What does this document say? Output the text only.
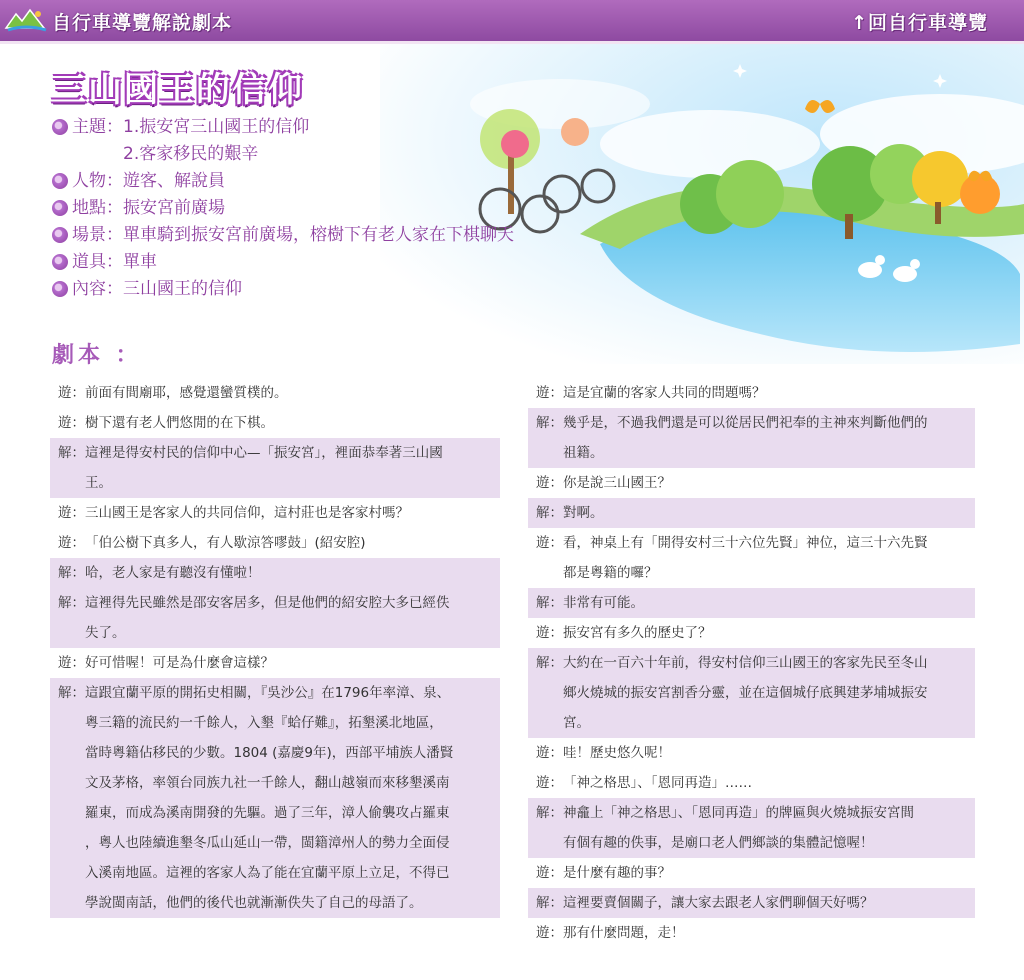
自行車導覽解說劇本	↑回自行車導覽
三山國王的信仰
主題： 1.振安宮三山國王的信仰
2.客家移民的艱辛
人物： 遊客、解說員
地點： 振安宮前廣場
場景： 單車騎到振安宮前廣場，榕樹下有老人家在下棋聊天
道具： 單車
內容： 三山國王的信仰
劇本 ：
遊： 前面有間廟耶，感覺還蠻質樸的。
遊： 樹下還有老人們悠閒的在下棋。
解： 這裡是得安村民的信仰中心—「振安宮」，裡面恭奉著三山國
王。
遊： 三山國王是客家人的共同信仰，這村莊也是客家村嗎？
遊： 「伯公樹下真多人，有人歇涼答嘐鼓」(紹安腔)
解： 哈，老人家是有聽沒有懂啦！
解： 這裡得先民雖然是邵安客居多，但是他們的紹安腔大多已經佚
失了。
遊： 好可惜喔！可是為什麼會這樣？
解： 這跟宜蘭平原的開拓史相關，『吳沙公』在1796年率漳、泉、
粵三籍的流民約一千餘人，入墾『蛤仔難』，拓墾溪北地區，
當時粵籍佔移民的少數。1804 (嘉慶9年)，西部平埔族人潘賢
文及茅格，率領台同族九社一千餘人，翻山越嶺而來移墾溪南
羅東，而成為溪南開發的先驅。過了三年，漳人偷襲攻占羅東
，粵人也陸續進墾冬瓜山延山一帶，閩籍漳州人的勢力全面侵
入溪南地區。這裡的客家人為了能在宜蘭平原上立足，不得已
學說閩南話，他們的後代也就漸漸佚失了自己的母語了。
遊： 這是宜蘭的客家人共同的問題嗎？
解： 幾乎是，不過我們還是可以從居民們祀奉的主神來判斷他們的
祖籍。
遊： 你是說三山國王？
解： 對啊。
遊： 看，神桌上有「開得安村三十六位先賢」神位，這三十六先賢
都是粵籍的囉？
解： 非常有可能。
遊： 振安宮有多久的歷史了？
解： 大約在一百六十年前，得安村信仰三山國王的客家先民至冬山
鄉火燒城的振安宮割香分靈，並在這個城仔底興建茅埔城振安
宮。
遊： 哇！歷史悠久呢！
遊： 「神之格思」、「恩同再造」……
解： 神龕上「神之格思」、「恩同再造」的牌匾與火燒城振安宮間
有個有趣的佚事，是廟口老人們鄉談的集體記憶喔！
遊： 是什麼有趣的事？
解： 這裡要賣個關子，讓大家去跟老人家們聊個天好嗎？
遊： 那有什麼問題，走！
